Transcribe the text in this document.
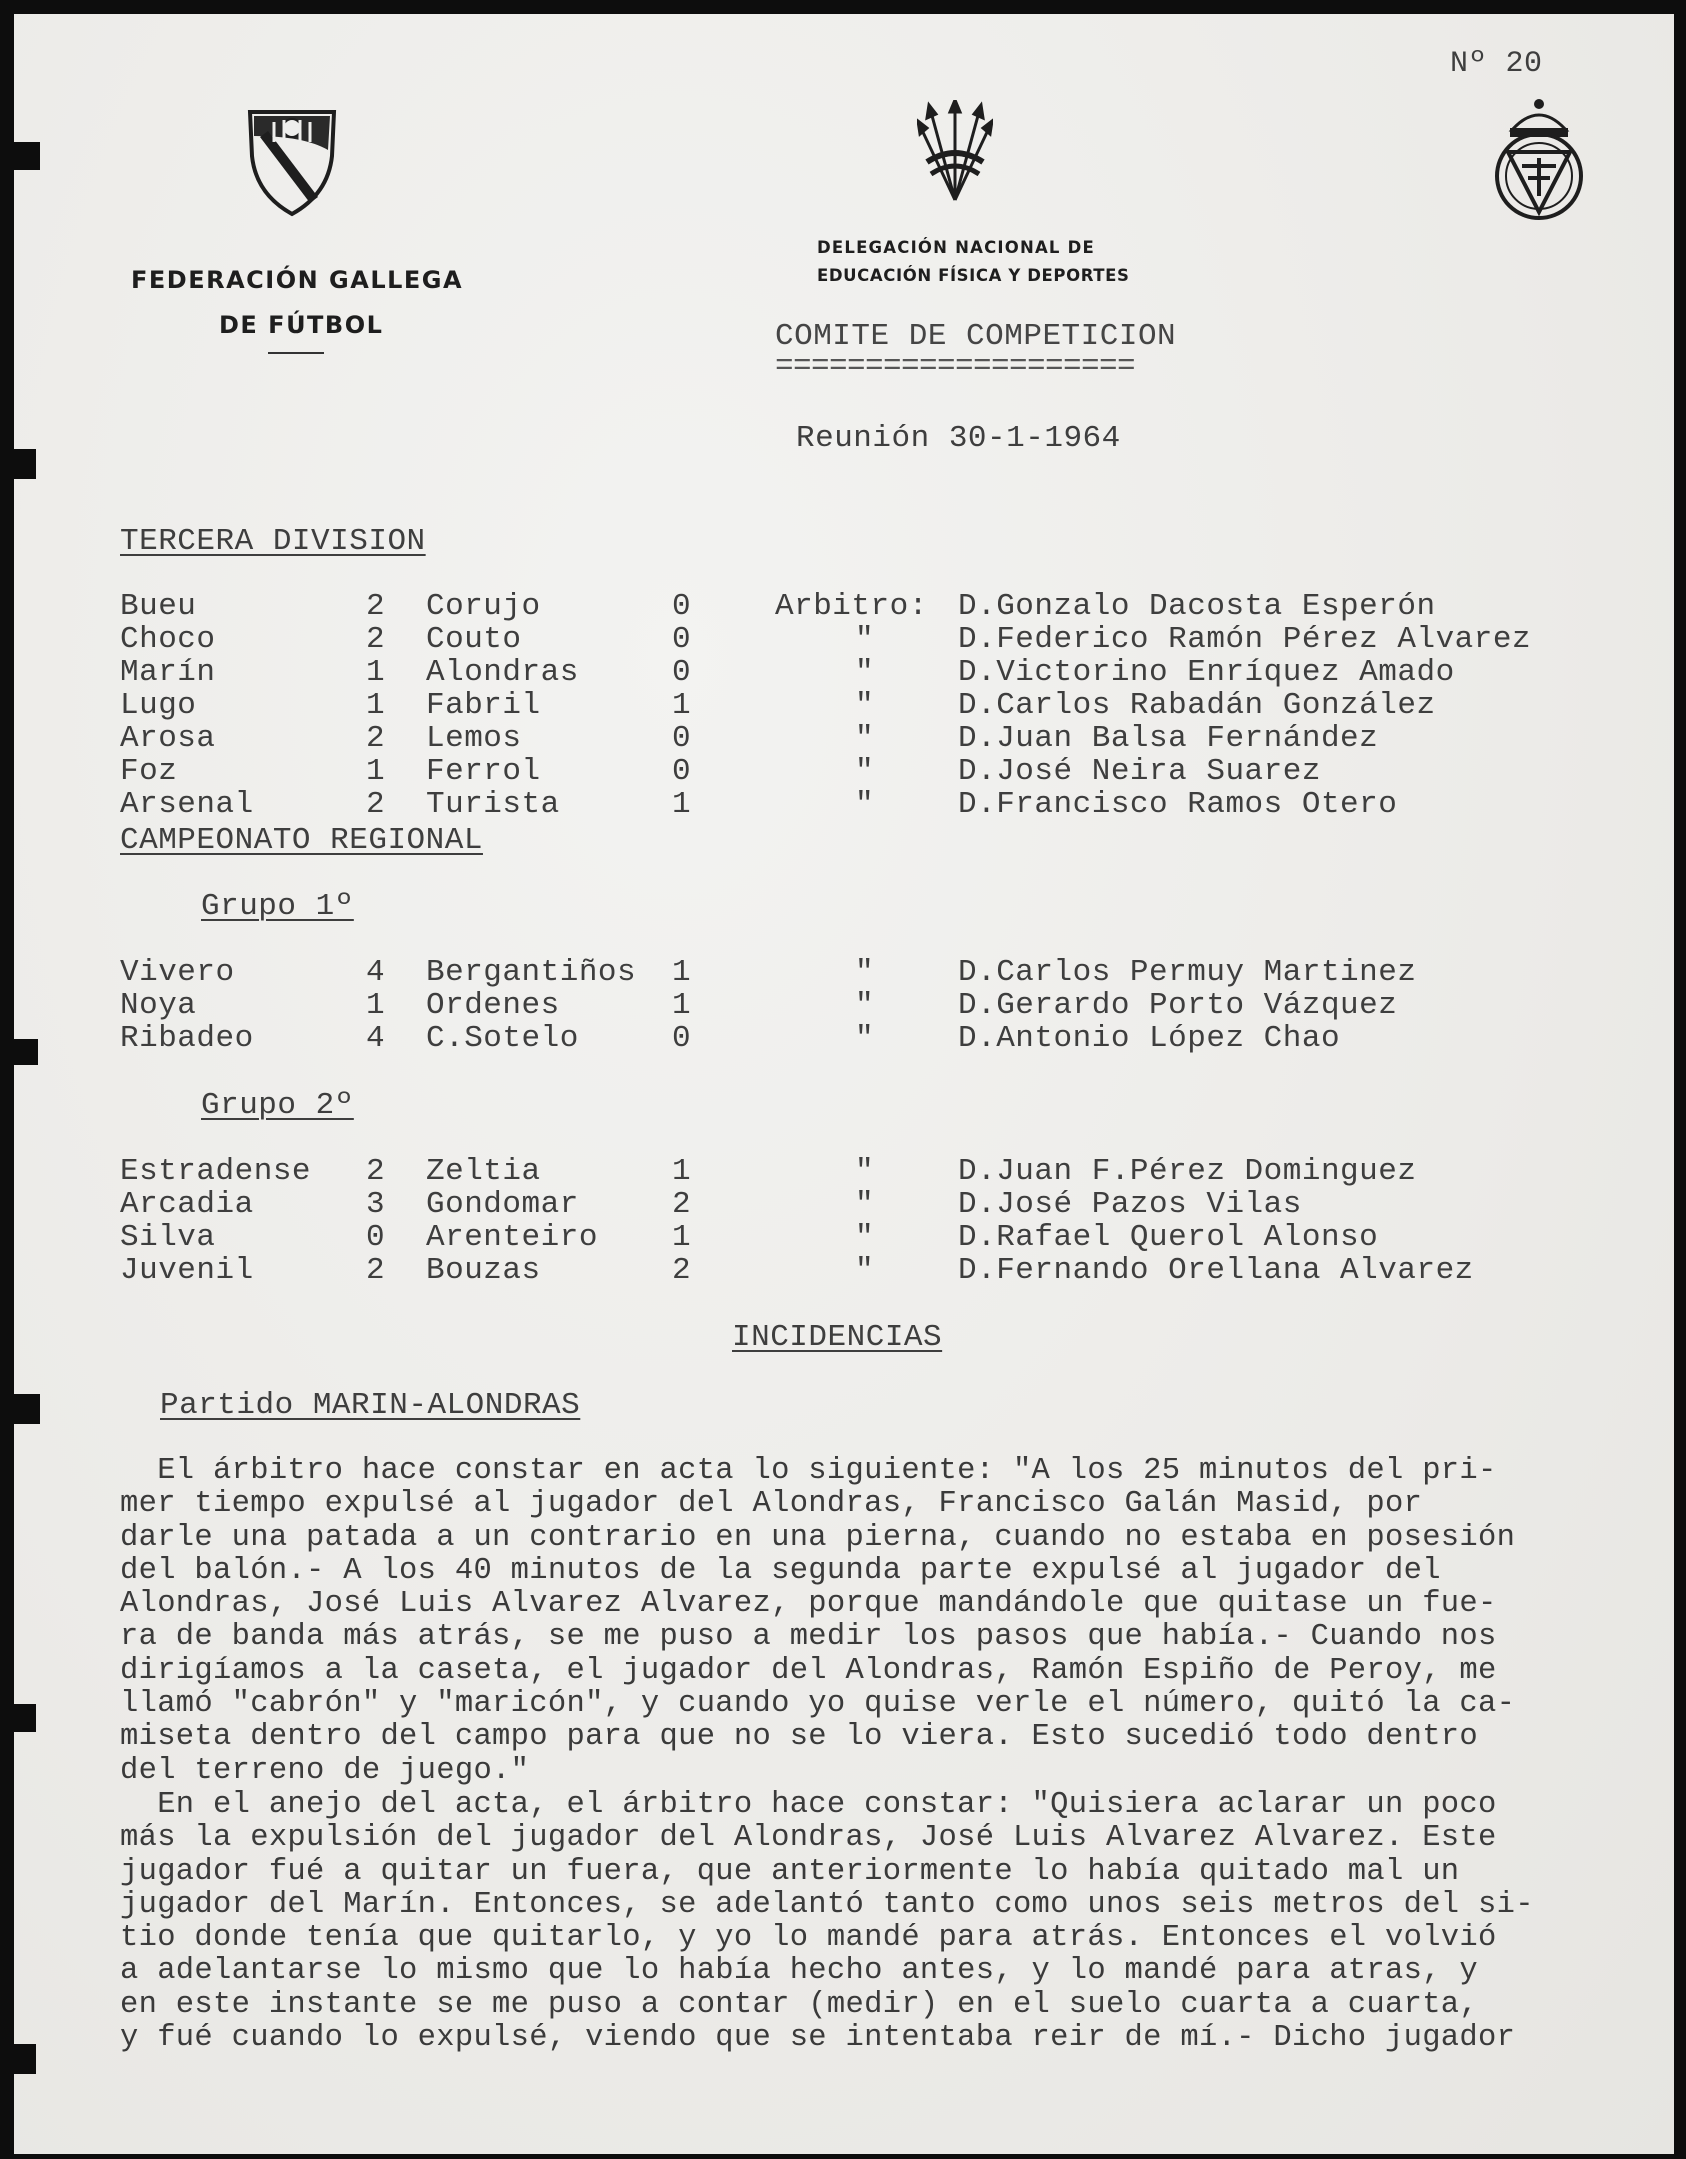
Nº 20
FEDERACIÓN GALLEGA
DE FÚTBOL
DELEGACIÓN NACIONAL DE
EDUCACIÓN FÍSICA Y DEPORTES
COMITE DE COMPETICION
====================
Reunión 30-1-1964
TERCERA DIVISION
Bueu	2 Corujo	0	Arbitro: D.Gonzalo Dacosta Esperón
Choco	2 Couto	0	"	D.Federico Ramón Pérez Alvarez
Marín	1 Alondras	0	"	D.Victorino Enríquez Amado
Lugo	1 Fabril	1	"	D.Carlos Rabadán González
Arosa	2 Lemos	0	"	D.Juan Balsa Fernández
Foz	1 Ferrol	0	"	D.José Neira Suarez
Arsenal	2 Turista	1	"	D.Francisco Ramos Otero
CAMPEONATO REGIONAL
Grupo 1º
Vivero	4 Bergantiños 1	"	D.Carlos Permuy Martinez
Noya	1 Ordenes	1	"	D.Gerardo Porto Vázquez
Ribadeo	4 C.Sotelo	0	"	D.Antonio López Chao
Grupo 2º
Estradense 2 Zeltia	1	"	D.Juan F.Pérez Dominguez
Arcadia	3 Gondomar	2	"	D.José Pazos Vilas
Silva	0 Arenteiro 1	"	D.Rafael Querol Alonso
Juvenil	2 Bouzas	2	"	D.Fernando Orellana Alvarez
INCIDENCIAS
Partido MARIN-ALONDRAS
El árbitro hace constar en acta lo siguiente: "A los 25 minutos del pri-
mer tiempo expulsé al jugador del Alondras, Francisco Galán Masid, por
darle una patada a un contrario en una pierna, cuando no estaba en posesión
del balón.- A los 40 minutos de la segunda parte expulsé al jugador del
Alondras, José Luis Alvarez Alvarez, porque mandándole que quitase un fue-
ra de banda más atrás, se me puso a medir los pasos que había.- Cuando nos
dirigíamos a la caseta, el jugador del Alondras, Ramón Espiño de Peroy, me
llamó "cabrón" y "maricón", y cuando yo quise verle el número, quitó la ca-
miseta dentro del campo para que no se lo viera. Esto sucedió todo dentro
del terreno de juego."
En el anejo del acta, el árbitro hace constar: "Quisiera aclarar un poco
más la expulsión del jugador del Alondras, José Luis Alvarez Alvarez. Este
jugador fué a quitar un fuera, que anteriormente lo había quitado mal un
jugador del Marín. Entonces, se adelantó tanto como unos seis metros del si-
tio donde tenía que quitarlo, y yo lo mandé para atrás. Entonces el volvió
a adelantarse lo mismo que lo había hecho antes, y lo mandé para atras, y
en este instante se me puso a contar (medir) en el suelo cuarta a cuarta,
y fué cuando lo expulsé, viendo que se intentaba reir de mí.- Dicho jugador
